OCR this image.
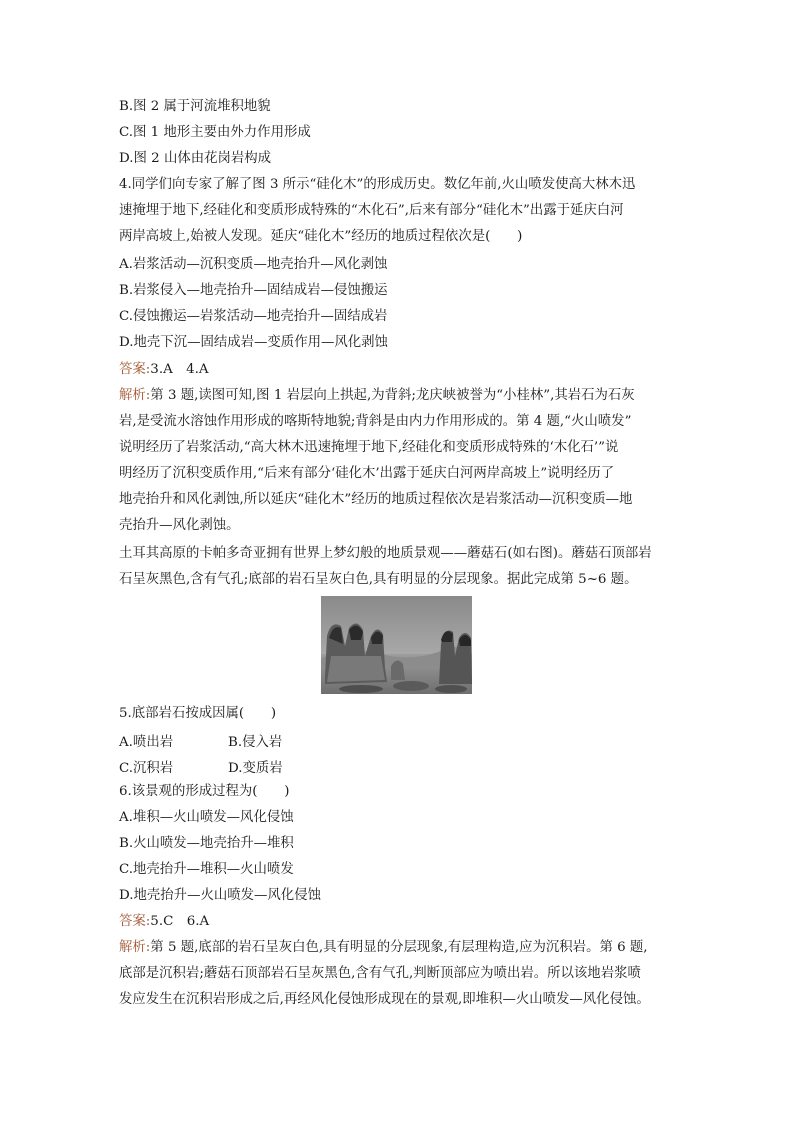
B.图 2 属于河流堆积地貌
C.图 1 地形主要由外力作用形成
D.图 2 山体由花岗岩构成
4.同学们向专家了解了图 3 所示“硅化木”的形成历史。数亿年前,火山喷发使高大林木迅
速掩埋于地下,经硅化和变质形成特殊的“木化石”,后来有部分“硅化木”出露于延庆白河
两岸高坡上,始被人发现。延庆“硅化木”经历的地质过程依次是(　　)
A.岩浆活动—沉积变质—地壳抬升—风化剥蚀
B.岩浆侵入—地壳抬升—固结成岩—侵蚀搬运
C.侵蚀搬运—岩浆活动—地壳抬升—固结成岩
D.地壳下沉—固结成岩—变质作用—风化剥蚀
答案:3.A　4.A
解析:第 3 题,读图可知,图 1 岩层向上拱起,为背斜;龙庆峡被誉为“小桂林”,其岩石为石灰
岩,是受流水溶蚀作用形成的喀斯特地貌;背斜是由内力作用形成的。第 4 题,“火山喷发”
说明经历了岩浆活动,“高大林木迅速掩埋于地下,经硅化和变质形成特殊的‘木化石’”说
明经历了沉积变质作用,“后来有部分‘硅化木’出露于延庆白河两岸高坡上”说明经历了
地壳抬升和风化剥蚀,所以延庆“硅化木”经历的地质过程依次是岩浆活动—沉积变质—地
壳抬升—风化剥蚀。
土耳其高原的卡帕多奇亚拥有世界上梦幻般的地质景观——蘑菇石(如右图)。蘑菇石顶部岩
石呈灰黑色,含有气孔;底部的岩石呈灰白色,具有明显的分层现象。据此完成第 5~6 题。
5.底部岩石按成因属(　　)
A.喷出岩	B.侵入岩
C.沉积岩	D.变质岩
6.该景观的形成过程为(　　)
A.堆积—火山喷发—风化侵蚀
B.火山喷发—地壳抬升—堆积
C.地壳抬升—堆积—火山喷发
D.地壳抬升—火山喷发—风化侵蚀
答案:5.C　6.A
解析:第 5 题,底部的岩石呈灰白色,具有明显的分层现象,有层理构造,应为沉积岩。第 6 题,
底部是沉积岩;蘑菇石顶部岩石呈灰黑色,含有气孔,判断顶部应为喷出岩。所以该地岩浆喷
发应发生在沉积岩形成之后,再经风化侵蚀形成现在的景观,即堆积—火山喷发—风化侵蚀。
